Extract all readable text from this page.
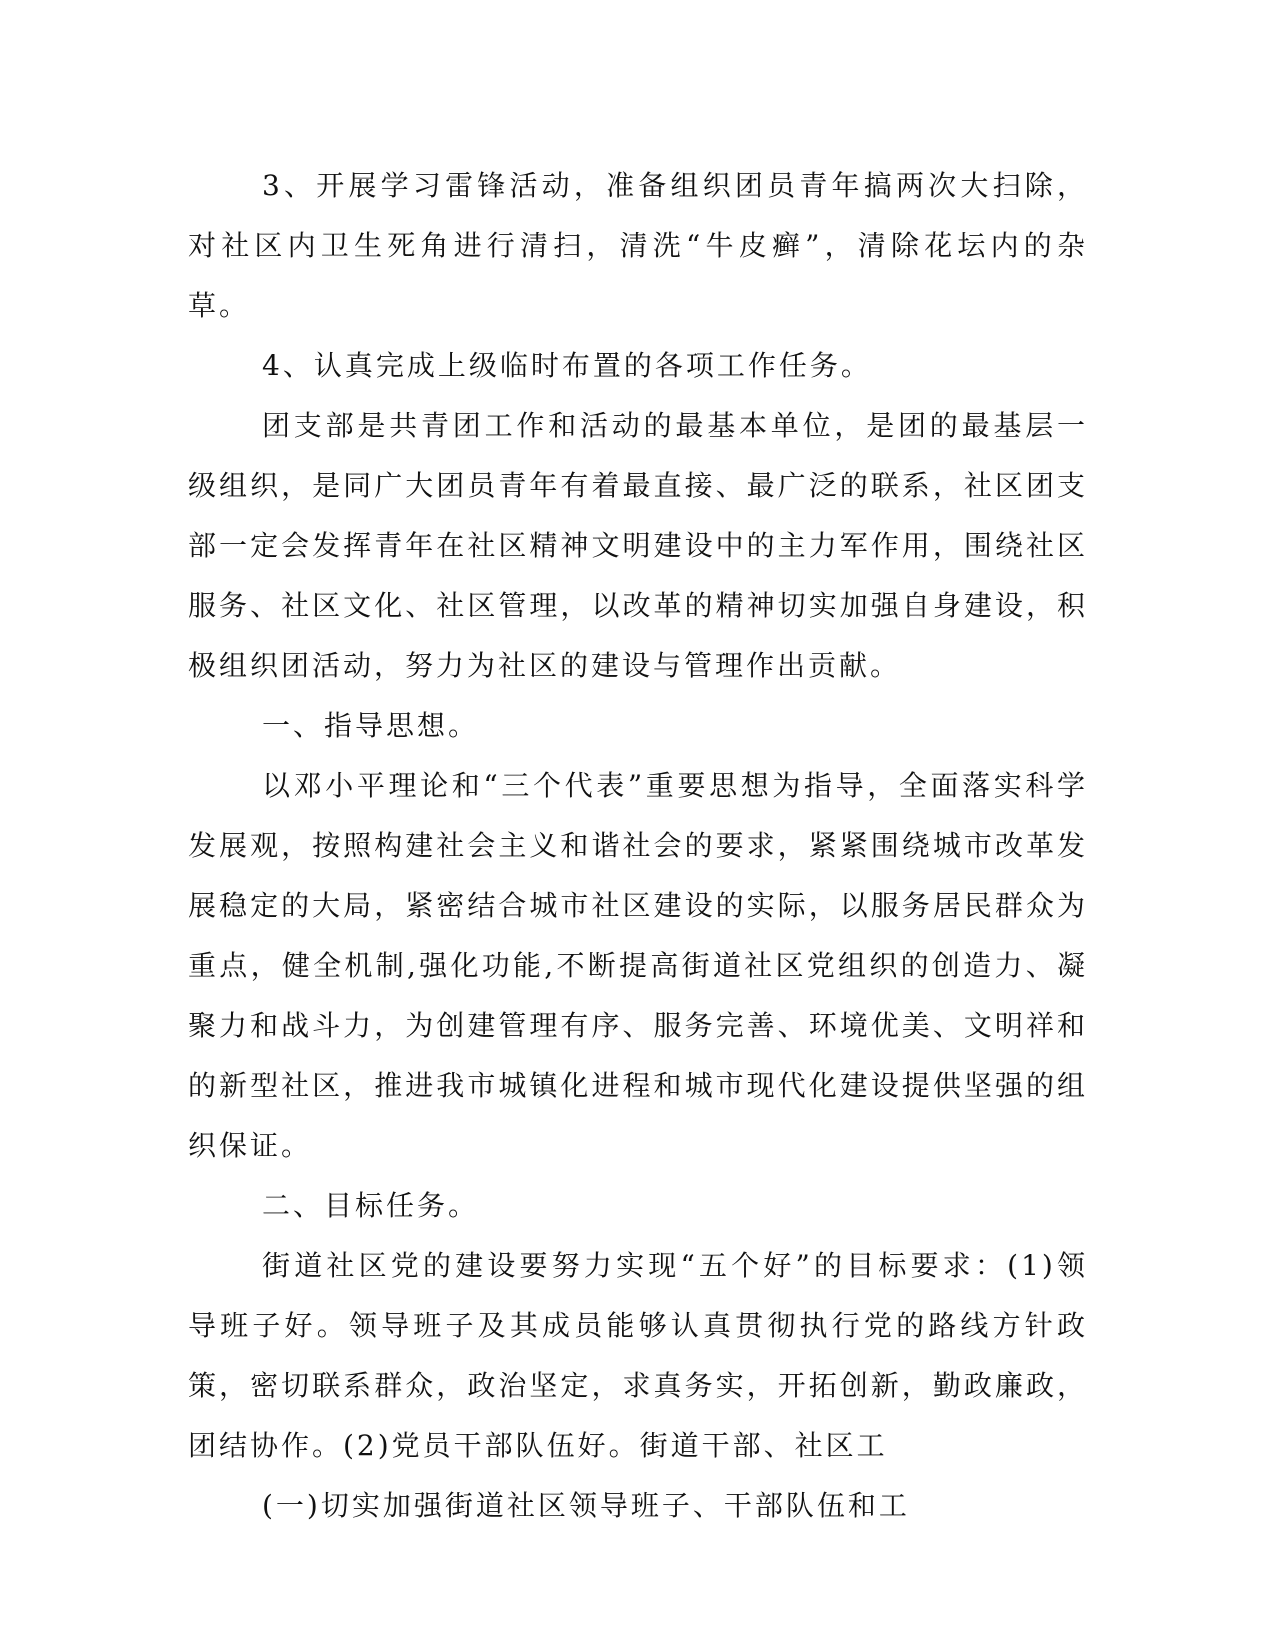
3、开展学习雷锋活动，准备组织团员青年搞两次大扫除，对社区内卫生死角进行清扫，清洗“牛皮癣”，清除花坛内的杂草。

4、认真完成上级临时布置的各项工作任务。

团支部是共青团工作和活动的最基本单位，是团的最基层一级组织，是同广大团员青年有着最直接、最广泛的联系，社区团支部一定会发挥青年在社区精神文明建设中的主力军作用，围绕社区服务、社区文化、社区管理，以改革的精神切实加强自身建设，积极组织团活动，努力为社区的建设与管理作出贡献。

一、指导思想。

以邓小平理论和“三个代表”重要思想为指导，全面落实科学发展观，按照构建社会主义和谐社会的要求，紧紧围绕城市改革发展稳定的大局，紧密结合城市社区建设的实际，以服务居民群众为重点，健全机制,强化功能,不断提高街道社区党组织的创造力、凝聚力和战斗力，为创建管理有序、服务完善、环境优美、文明祥和的新型社区，推进我市城镇化进程和城市现代化建设提供坚强的组织保证。

二、目标任务。

街道社区党的建设要努力实现“五个好”的目标要求：(1)领导班子好。领导班子及其成员能够认真贯彻执行党的路线方针政策，密切联系群众，政治坚定，求真务实，开拓创新，勤政廉政，团结协作。(2)党员干部队伍好。街道干部、社区工

(一)切实加强街道社区领导班子、干部队伍和工
